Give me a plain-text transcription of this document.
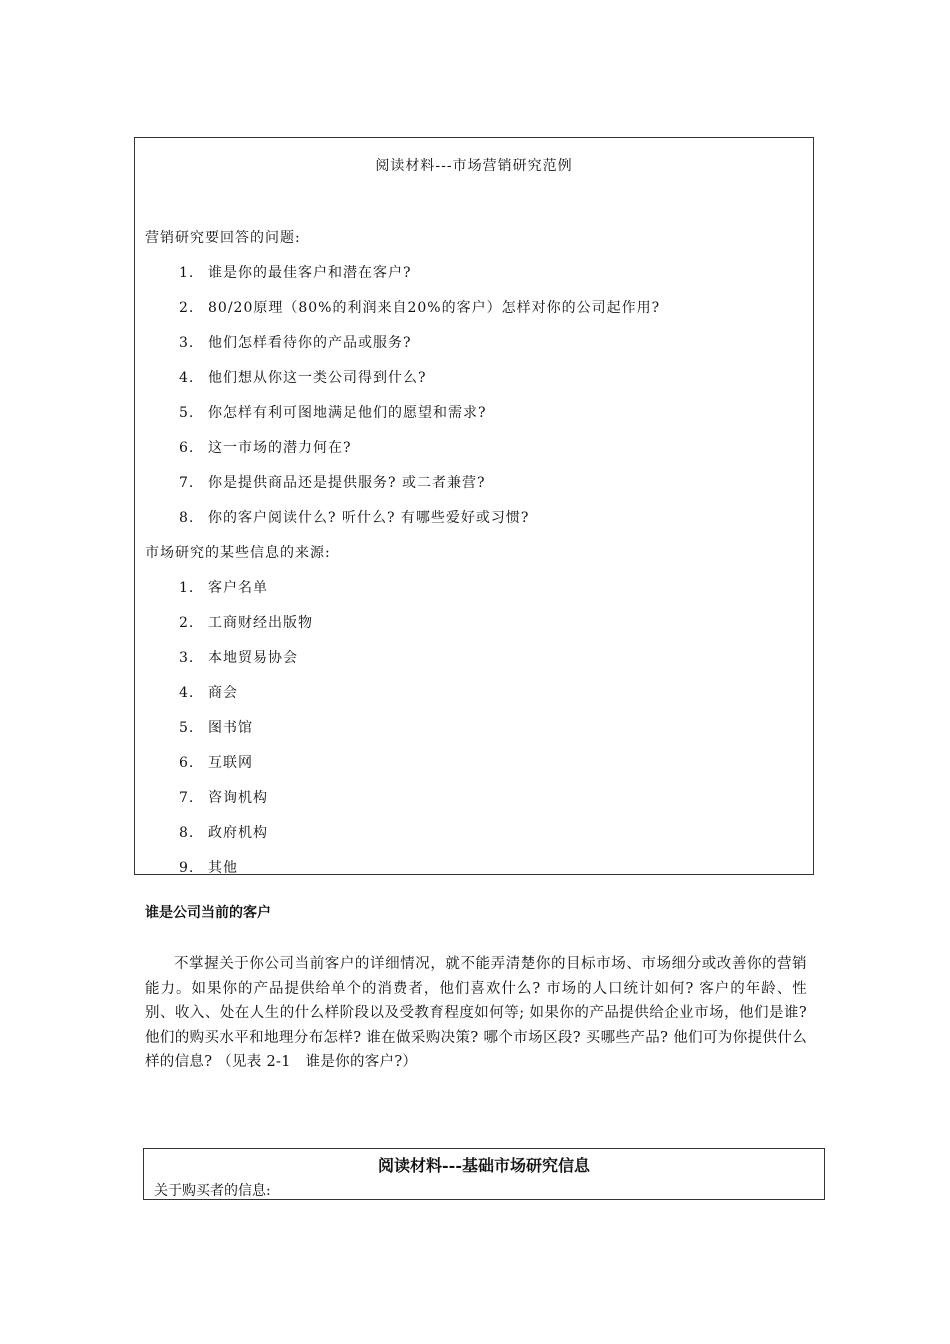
阅读材料---市场营销研究范例
营销研究要回答的问题:
1. 谁是你的最佳客户和潜在客户?
2. 80/20原理（80%的利润来自20%的客户）怎样对你的公司起作用?
3. 他们怎样看待你的产品或服务?
4. 他们想从你这一类公司得到什么?
5. 你怎样有利可图地满足他们的愿望和需求?
6. 这一市场的潜力何在?
7. 你是提供商品还是提供服务? 或二者兼营?
8. 你的客户阅读什么? 听什么? 有哪些爱好或习惯?
市场研究的某些信息的来源:
1. 客户名单
2. 工商财经出版物
3. 本地贸易协会
4. 商会
5. 图书馆
6. 互联网
7. 咨询机构
8. 政府机构
9. 其他
谁是公司当前的客户
不掌握关于你公司当前客户的详细情况，就不能弄清楚你的目标市场、市场细分或改善你的营销能力。如果你的产品提供给单个的消费者，他们喜欢什么? 市场的人口统计如何? 客户的年龄、性别、收入、处在人生的什么样阶段以及受教育程度如何等; 如果你的产品提供给企业市场，他们是谁? 他们的购买水平和地理分布怎样? 谁在做采购决策? 哪个市场区段? 买哪些产品? 他们可为你提供什么样的信息? （见表 2-1　谁是你的客户?）
阅读材料---基础市场研究信息
关于购买者的信息:
